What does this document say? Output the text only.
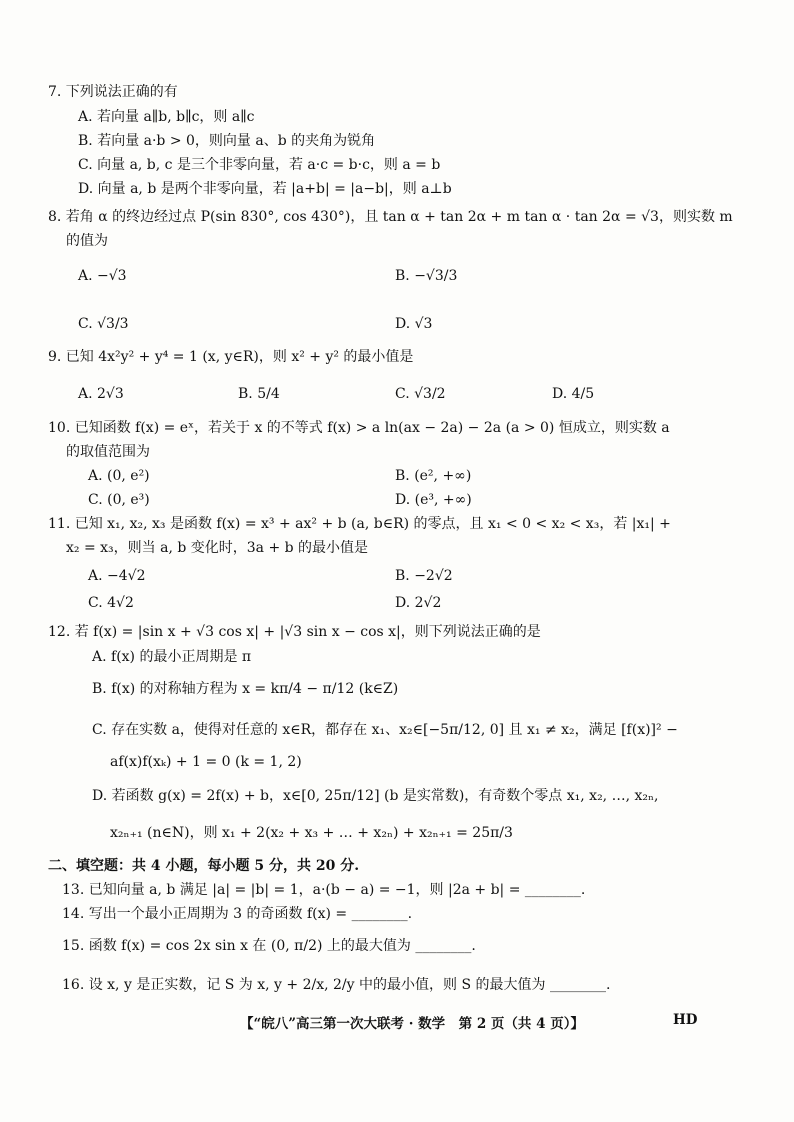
7. 下列说法正确的有
A. 若向量 a∥b, b∥c，则 a∥c
B. 若向量 a·b > 0，则向量 a、b 的夹角为锐角
C. 向量 a, b, c 是三个非零向量，若 a·c = b·c，则 a = b
D. 向量 a, b 是两个非零向量，若 |a+b| = |a−b|，则 a⊥b
8. 若角 α 的终边经过点 P(sin 830°, cos 430°)，且 tan α + tan 2α + m tan α · tan 2α = √3，则实数 m
的值为
A. −√3	B. −√3/3
C. √3/3	D. √3
9. 已知 4x²y² + y⁴ = 1 (x, y∈R)，则 x² + y² 的最小值是
A. 2√3	B. 5/4	C. √3/2	D. 4/5
10. 已知函数 f(x) = eˣ，若关于 x 的不等式 f(x) > a ln(ax − 2a) − 2a (a > 0) 恒成立，则实数 a
的取值范围为
A. (0, e²)	B. (e², +∞)
C. (0, e³)	D. (e³, +∞)
11. 已知 x₁, x₂, x₃ 是函数 f(x) = x³ + ax² + b (a, b∈R) 的零点，且 x₁ < 0 < x₂ < x₃，若 |x₁| +
x₂ = x₃，则当 a, b 变化时，3a + b 的最小值是
A. −4√2	B. −2√2
C. 4√2	D. 2√2
12. 若 f(x) = |sin x + √3 cos x| + |√3 sin x − cos x|，则下列说法正确的是
A. f(x) 的最小正周期是 π
B. f(x) 的对称轴方程为 x = kπ/4 − π/12 (k∈Z)
C. 存在实数 a，使得对任意的 x∈R，都存在 x₁、x₂∈[−5π/12, 0] 且 x₁ ≠ x₂，满足 [f(x)]² −
af(x)f(xₖ) + 1 = 0 (k = 1, 2)
D. 若函数 g(x) = 2f(x) + b，x∈[0, 25π/12] (b 是实常数)，有奇数个零点 x₁, x₂, …, x₂ₙ,
x₂ₙ₊₁ (n∈N)，则 x₁ + 2(x₂ + x₃ + … + x₂ₙ) + x₂ₙ₊₁ = 25π/3
二、填空题：共 4 小题，每小题 5 分，共 20 分.
13. 已知向量 a, b 满足 |a| = |b| = 1，a·(b − a) = −1，则 |2a + b| = ________.
14. 写出一个最小正周期为 3 的奇函数 f(x) = ________.
15. 函数 f(x) = cos 2x sin x 在 (0, π/2) 上的最大值为 ________.
16. 设 x, y 是正实数，记 S 为 x, y + 2/x, 2/y 中的最小值，则 S 的最大值为 ________.
【“皖八”高三第一次大联考 · 数学　第 2 页（共 4 页）】	HD
